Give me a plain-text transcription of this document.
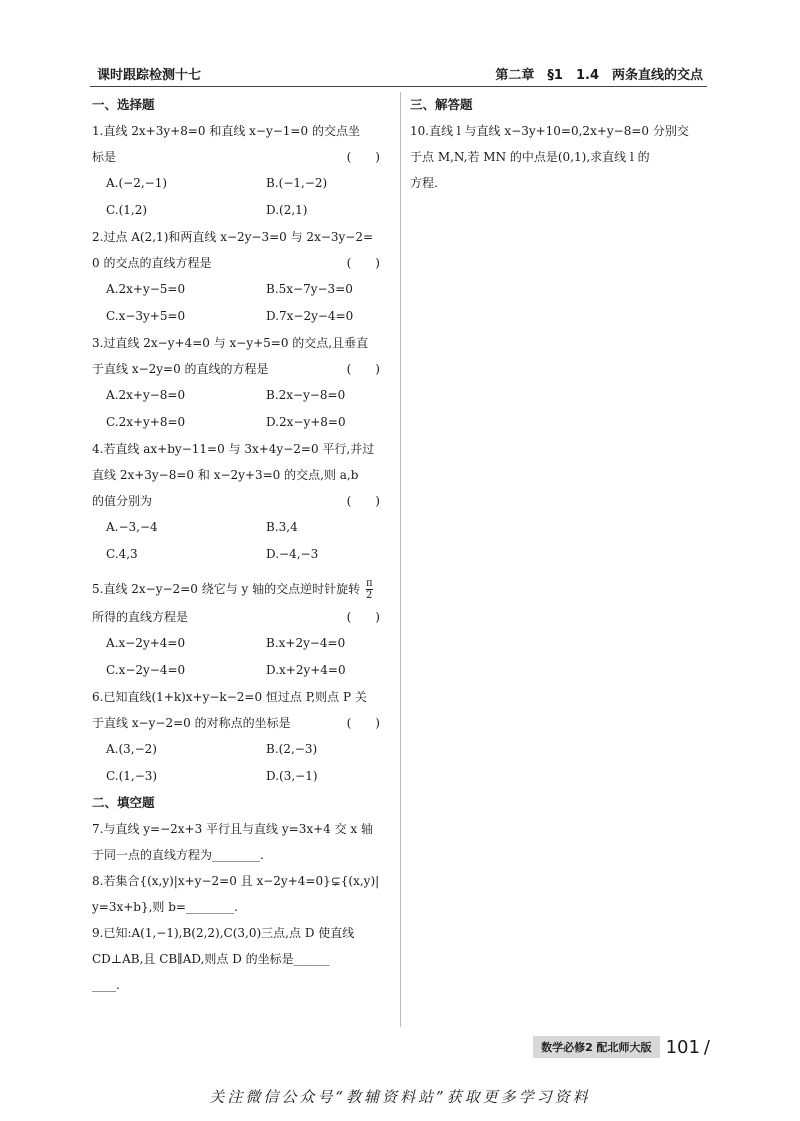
课时跟踪检测十七	第二章　§1　1.4　两条直线的交点

一、选择题

1.直线 2x+3y+8=0 和直线 x−y−1=0 的交点坐
标是	(　　)
A.(−2,−1)	B.(−1,−2)
C.(1,2)	D.(2,1)
2.过点 A(2,1)和两直线 x−2y−3=0 与 2x−3y−2=
0 的交点的直线方程是	(　　)
A.2x+y−5=0	B.5x−7y−3=0
C.x−3y+5=0	D.7x−2y−4=0
3.过直线 2x−y+4=0 与 x−y+5=0 的交点,且垂直
于直线 x−2y=0 的直线的方程是	(　　)
A.2x+y−8=0	B.2x−y−8=0
C.2x+y+8=0	D.2x−y+8=0
4.若直线 ax+by−11=0 与 3x+4y−2=0 平行,并过
直线 2x+3y−8=0 和 x−2y+3=0 的交点,则 a,b
的值分别为	(　　)
A.−3,−4	B.3,4
C.4,3	D.−4,−3
5.直线 2x−y−2=0 绕它与 y 轴的交点逆时针旋转 $\frac{\pi}{2}$
所得的直线方程是	(　　)
A.x−2y+4=0	B.x+2y−4=0
C.x−2y−4=0	D.x+2y+4=0
6.已知直线(1+k)x+y−k−2=0 恒过点 P,则点 P 关
于直线 x−y−2=0 的对称点的坐标是	(　　)
A.(3,−2)	B.(2,−3)
C.(1,−3)	D.(3,−1)

二、填空题

7.与直线 y=−2x+3 平行且与直线 y=3x+4 交 x 轴
于同一点的直线方程为________.
8.若集合{(x,y)|x+y−2=0 且 x−2y+4=0}⊊{(x,y)|
y=3x+b},则 b=________.
9.已知:A(1,−1),B(2,2),C(3,0)三点,点 D 使直线
CD⊥AB,且 CB∥AD,则点 D 的坐标是______
____.

三、解答题

10.直线 l 与直线 x−3y+10=0,2x+y−8=0 分别交
于点 M,N,若 MN 的中点是(0,1),求直线 l 的
方程.
数学必修2 配北师大版 101 /
关注微信公众号“教辅资料站”获取更多学习资料
